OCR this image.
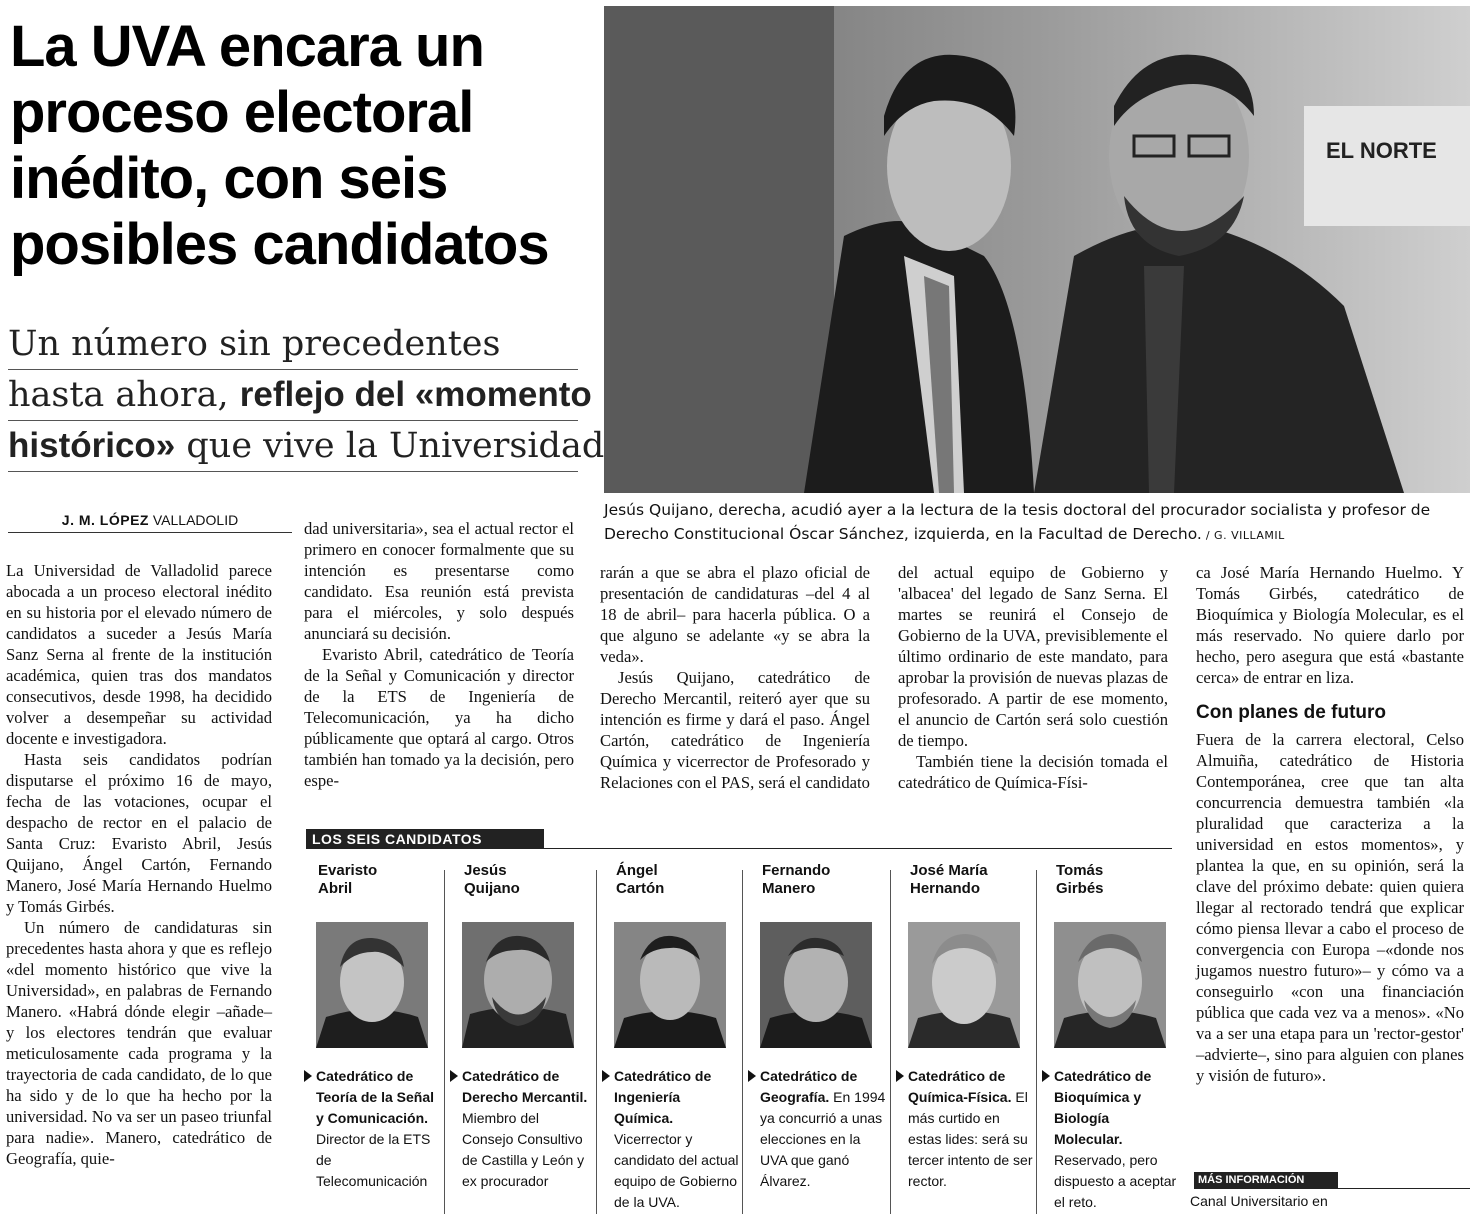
La UVA encara un
proceso electoral
inédito, con seis
posibles candidatos
Un número sin precedentes
hasta ahora, reflejo del «momento
histórico» que vive la Universidad
EL NORTE
Jesús Quijano, derecha, acudió ayer a la lectura de la tesis doctoral del procurador socialista y profesor de Derecho Constitucional Óscar Sánchez, izquierda, en la Facultad de Derecho. / G. VILLAMIL
J. M. LÓPEZ VALLADOLID

La Universidad de Valladolid parece abocada a un proceso electoral inédito en su historia por el elevado número de candidatos a suceder a Jesús María Sanz Serna al frente de la institución académica, quien tras dos mandatos consecutivos, desde 1998, ha decidido volver a desempeñar su actividad docente e investigadora.

Hasta seis candidatos podrían disputarse el próximo 16 de mayo, fecha de las votaciones, ocupar el despacho de rector en el palacio de Santa Cruz: Evaristo Abril, Jesús Quijano, Ángel Cartón, Fernando Manero, José María Hernando Huelmo y Tomás Girbés.

Un número de candidaturas sin precedentes hasta ahora y que es reflejo «del momento histórico que vive la Universidad», en palabras de Fernando Manero. «Habrá dónde elegir –añade– y los electores tendrán que evaluar meticulosamente cada programa y la trayectoria de cada candidato, de lo que ha sido y de lo que ha hecho por la universidad. No va ser un paseo triunfal para nadie». Manero, catedrático de Geografía, quie-

dad universitaria», sea el actual rector el primero en conocer formalmente que su intención es presentarse como candidato. Esa reunión está prevista para el miércoles, y solo después anunciará su decisión.

Evaristo Abril, catedrático de Teoría de la Señal y Comunicación y director de la ETS de Ingeniería de Telecomunicación, ya ha dicho públicamente que optará al cargo. Otros también han tomado ya la decisión, pero espe-

rarán a que se abra el plazo oficial de presentación de candidaturas –del 4 al 18 de abril– para hacerla pública. O a que alguno se adelante «y se abra la veda».

Jesús Quijano, catedrático de Derecho Mercantil, reiteró ayer que su intención es firme y dará el paso. Ángel Cartón, catedrático de Ingeniería Química y vicerrector de Profesorado y Relaciones con el PAS, será el candidato

del actual equipo de Gobierno y 'albacea' del legado de Sanz Serna. El martes se reunirá el Consejo de Gobierno de la UVA, previsiblemente el último ordinario de este mandato, para aprobar la provisión de nuevas plazas de profesorado. A partir de ese momento, el anuncio de Cartón será solo cuestión de tiempo.

También tiene la decisión tomada el catedrático de Química-Físi-

ca José María Hernando Huelmo. Y Tomás Girbés, catedrático de Bioquímica y Biología Molecular, es el más reservado. No quiere darlo por hecho, pero asegura que está «bastante cerca» de entrar en liza.

Con planes de futuro

Fuera de la carrera electoral, Celso Almuiña, catedrático de Historia Contemporánea, cree que tan alta concurrencia demuestra también «la pluralidad que caracteriza a la universidad en estos momentos», y plantea la que, en su opinión, será la clave del próximo debate: quien quiera llegar al rectorado tendrá que explicar cómo piensa llevar a cabo el proceso de convergencia con Europa –«donde nos jugamos nuestro futuro»– y cómo va a conseguirlo «con una financiación pública que cada vez va a menos». «No va a ser una etapa para un 'rector-gestor' –advierte–, sino para alguien con planes y visión de futuro».

LOS SEIS CANDIDATOS
Evaristo
Abril
Catedrático de Teoría de la Señal y Comunicación. Director de la ETS de Telecomunicación
Jesús
Quijano
Catedrático de Derecho Mercantil. Miembro del Consejo Consultivo de Castilla y León y ex procurador
Ángel
Cartón
Catedrático de Ingeniería Química. Vicerrector y candidato del actual equipo de Gobierno de la UVA.
Fernando
Manero
Catedrático de Geografía. En 1994 ya concurrió a unas elecciones en la UVA que ganó Álvarez.
José María
Hernando
Catedrático de Química-Física. El más curtido en estas lides: será su tercer intento de ser rector.
Tomás
Girbés
Catedrático de Bioquímica y Biología Molecular. Reservado, pero dispuesto a aceptar el reto.
MÁS INFORMACIÓN
Canal Universitario en
